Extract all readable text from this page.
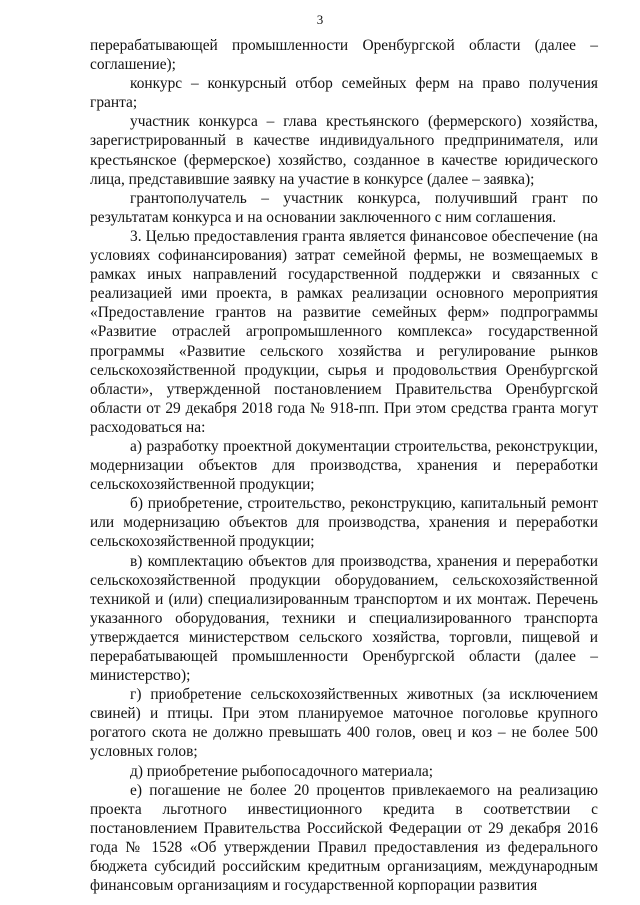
3

перерабатывающей промышленности Оренбургской области (далее – соглашение);

конкурс – конкурсный отбор семейных ферм на право получения гранта;

участник конкурса – глава крестьянского (фермерского) хозяйства, зарегистрированный в качестве индивидуального предпринимателя, или крестьянское (фермерское) хозяйство, созданное в качестве юридического лица, представившие заявку на участие в конкурсе (далее – заявка);

грантополучатель – участник конкурса, получивший грант по результатам конкурса и на основании заключенного с ним соглашения.

3. Целью предоставления гранта является финансовое обеспечение (на условиях софинансирования) затрат семейной фермы, не возмещаемых в рамках иных направлений государственной поддержки и связанных с реализацией ими проекта, в рамках реализации основного мероприятия «Предоставление грантов на развитие семейных ферм» подпрограммы «Развитие отраслей агропромышленного комплекса» государственной программы «Развитие сельского хозяйства и регулирование рынков сельскохозяйственной продукции, сырья и продовольствия Оренбургской области», утвержденной постановлением Правительства Оренбургской области от 29 декабря 2018 года № 918-пп. При этом средства гранта могут расходоваться на:

а) разработку проектной документации строительства, реконструкции, модернизации объектов для производства, хранения и переработки сельскохозяйственной продукции;

б) приобретение, строительство, реконструкцию, капитальный ремонт или модернизацию объектов для производства, хранения и переработки сельскохозяйственной продукции;

в) комплектацию объектов для производства, хранения и переработки сельскохозяйственной продукции оборудованием, сельскохозяйственной техникой и (или) специализированным транспортом и их монтаж. Перечень указанного оборудования, техники и специализированного транспорта утверждается министерством сельского хозяйства, торговли, пищевой и перерабатывающей промышленности Оренбургской области (далее – министерство);

г) приобретение сельскохозяйственных животных (за исключением свиней) и птицы. При этом планируемое маточное поголовье крупного рогатого скота не должно превышать 400 голов, овец и коз – не более 500 условных голов;

д) приобретение рыбопосадочного материала;

е) погашение не более 20 процентов привлекаемого на реализацию проекта льготного инвестиционного кредита в соответствии с постановлением Правительства Российской Федерации от 29 декабря 2016 года № 1528 «Об утверждении Правил предоставления из федерального бюджета субсидий российским кредитным организациям, международным финансовым организациям и государственной корпорации развития
